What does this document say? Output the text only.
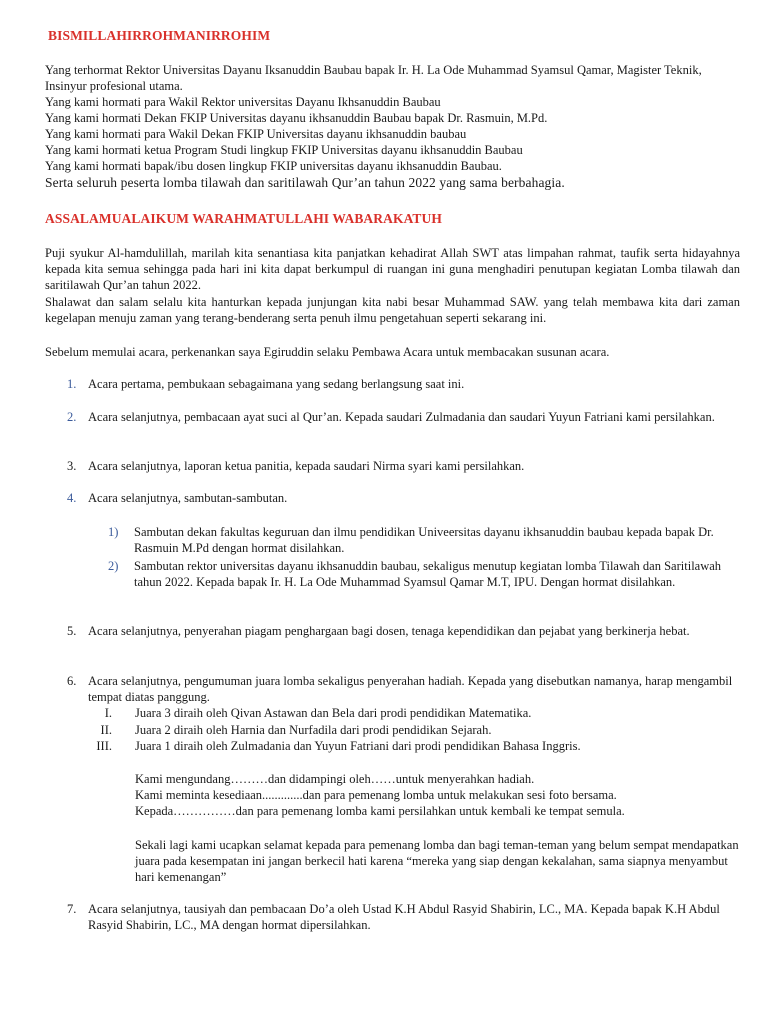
BISMILLAHIRROHMANIRROHIM

Yang terhormat Rektor Universitas Dayanu Iksanuddin Baubau bapak Ir. H. La Ode Muhammad Syamsul Qamar, Magister Teknik, Insinyur profesional utama.

Yang kami hormati para Wakil Rektor universitas Dayanu Ikhsanuddin Baubau

Yang kami hormati Dekan FKIP Universitas dayanu ikhsanuddin Baubau bapak Dr. Rasmuin, M.Pd.

Yang kami hormati para Wakil Dekan FKIP Universitas dayanu ikhsanuddin baubau

Yang kami hormati ketua Program Studi lingkup FKIP Universitas dayanu ikhsanuddin Baubau

Yang kami hormati bapak/ibu dosen lingkup FKIP universitas dayanu ikhsanuddin Baubau.

Serta seluruh peserta lomba tilawah dan saritilawah Qur’an tahun 2022 yang sama berbahagia.

ASSALAMUALAIKUM WARAHMATULLAHI WABARAKATUH

Puji syukur Al-hamdulillah, marilah kita senantiasa kita panjatkan kehadirat Allah SWT atas limpahan rahmat, taufik serta hidayahnya kepada kita semua sehingga pada hari ini kita dapat berkumpul di ruangan ini guna menghadiri penutupan kegiatan Lomba tilawah dan saritilawah Qur’an tahun 2022.

Shalawat dan salam selalu kita hanturkan kepada junjungan kita nabi besar Muhammad SAW. yang telah membawa kita dari zaman kegelapan menuju zaman yang terang-benderang serta penuh ilmu pengetahuan seperti sekarang ini.

Sebelum memulai acara, perkenankan saya Egiruddin selaku Pembawa Acara untuk membacakan susunan acara.

1. Acara pertama, pembukaan sebagaimana yang sedang berlangsung saat ini.
2. Acara selanjutnya, pembacaan ayat suci al Qur’an. Kepada saudari Zulmadania dan saudari Yuyun Fatriani kami persilahkan.
3. Acara selanjutnya, laporan ketua panitia, kepada saudari Nirma syari kami persilahkan.
4. Acara selanjutnya, sambutan-sambutan.
1) Sambutan dekan fakultas keguruan dan ilmu pendidikan Univeersitas dayanu ikhsanuddin baubau kepada bapak Dr. Rasmuin M.Pd dengan hormat disilahkan.
2) Sambutan rektor universitas dayanu ikhsanuddin baubau, sekaligus menutup kegiatan lomba Tilawah dan Saritilawah tahun 2022. Kepada bapak Ir. H. La Ode Muhammad Syamsul Qamar M.T, IPU. Dengan hormat disilahkan.
5. Acara selanjutnya, penyerahan piagam penghargaan bagi dosen, tenaga kependidikan dan pejabat yang berkinerja hebat.
6. Acara selanjutnya, pengumuman juara lomba sekaligus penyerahan hadiah. Kepada yang disebutkan namanya, harap mengambil tempat diatas panggung.
I. Juara 3 diraih oleh Qivan Astawan dan Bela dari prodi pendidikan Matematika.
II. Juara 2 diraih oleh Harnia dan Nurfadila dari prodi pendidikan Sejarah.
III. Juara 1 diraih oleh Zulmadania dan Yuyun Fatriani dari prodi pendidikan Bahasa Inggris.

Kami mengundang………dan didampingi oleh……untuk menyerahkan hadiah.

Kami meminta kesediaan.............dan para pemenang lomba untuk melakukan sesi foto bersama.

Kepada……………dan para pemenang lomba kami persilahkan untuk kembali ke tempat semula.

Sekali lagi kami ucapkan selamat kepada para pemenang lomba dan bagi teman-teman yang belum sempat mendapatkan juara pada kesempatan ini jangan berkecil hati karena “mereka yang siap dengan kekalahan, sama siapnya menyambut hari kemenangan”

7. Acara selanjutnya, tausiyah dan pembacaan Do’a oleh Ustad K.H Abdul Rasyid Shabirin, LC., MA. Kepada bapak K.H Abdul Rasyid Shabirin, LC., MA dengan hormat dipersilahkan.
